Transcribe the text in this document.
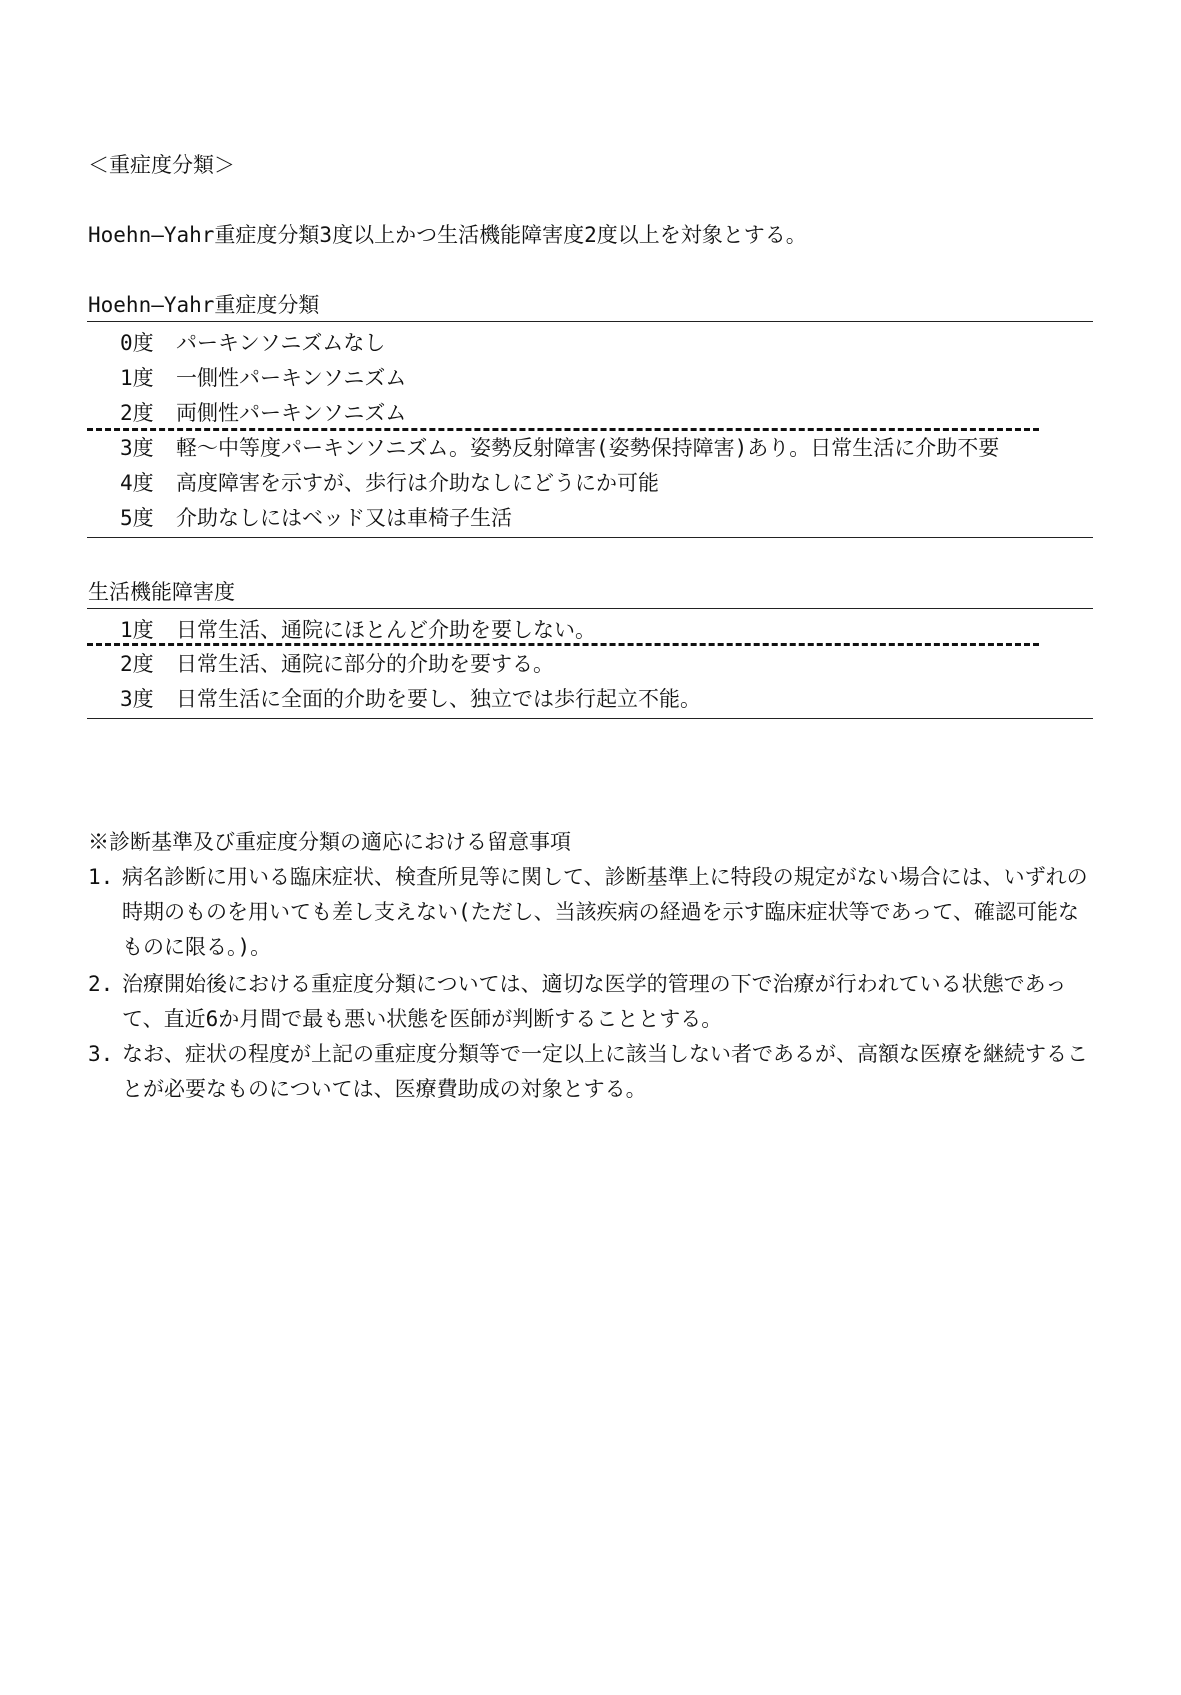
＜重症度分類＞
Hoehn―Yahr重症度分類3度以上かつ生活機能障害度2度以上を対象とする。
Hoehn―Yahr重症度分類
0度	パーキンソニズムなし
1度	一側性パーキンソニズム
2度	両側性パーキンソニズム
3度	軽～中等度パーキンソニズム。姿勢反射障害(姿勢保持障害)あり。日常生活に介助不要
4度	高度障害を示すが、歩行は介助なしにどうにか可能
5度	介助なしにはベッド又は車椅子生活
生活機能障害度
1度	日常生活、通院にほとんど介助を要しない。
2度	日常生活、通院に部分的介助を要する。
3度	日常生活に全面的介助を要し、独立では歩行起立不能。
※診断基準及び重症度分類の適応における留意事項
1. 病名診断に用いる臨床症状、検査所見等に関して、診断基準上に特段の規定がない場合には、いずれの時期のものを用いても差し支えない(ただし、当該疾病の経過を示す臨床症状等であって、確認可能なものに限る。)。
2. 治療開始後における重症度分類については、適切な医学的管理の下で治療が行われている状態であって、直近6か月間で最も悪い状態を医師が判断することとする。
3. なお、症状の程度が上記の重症度分類等で一定以上に該当しない者であるが、高額な医療を継続することが必要なものについては、医療費助成の対象とする。
